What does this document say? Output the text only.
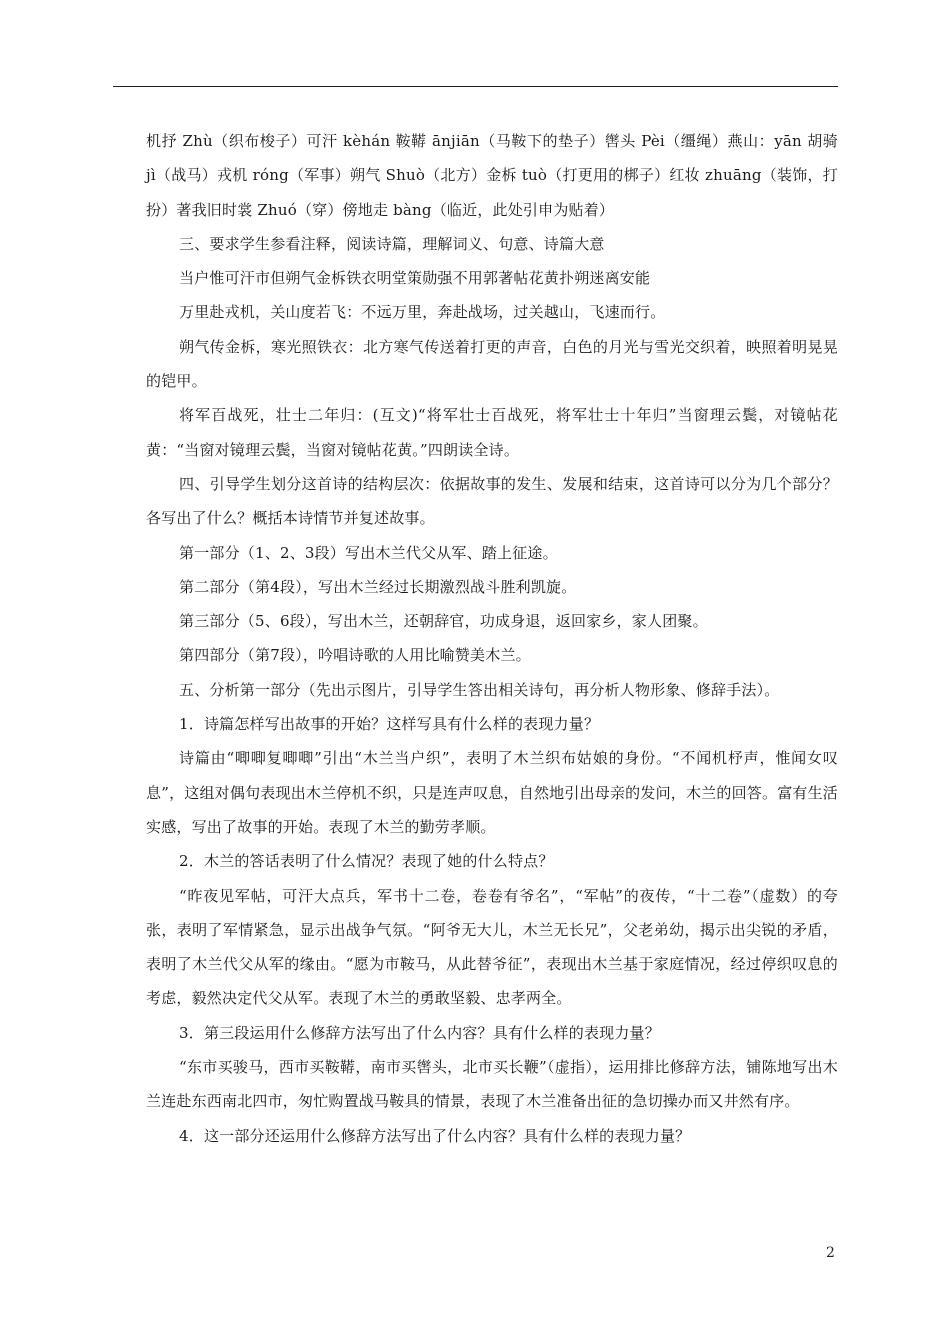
机抒 Zhù（织布梭子）可汗 kèhán 鞍鞯 ānjiān（马鞍下的垫子）辔头 Pèi（缰绳）燕山：yān 胡骑 jì（战马）戎机 róng（军事）朔气 Shuò（北方）金柝 tuò（打更用的梆子）红妆 zhuāng（装饰，打扮）著我旧时裳 Zhuó（穿）傍地走 bàng（临近，此处引申为贴着）

三、要求学生参看注释，阅读诗篇，理解词义、句意、诗篇大意

当户惟可汗市但朔气金柝铁衣明堂策勋强不用郭著帖花黄扑朔迷离安能

万里赴戎机，关山度若飞：不远万里，奔赴战场，过关越山，飞速而行。

朔气传金柝，寒光照铁衣：北方寒气传送着打更的声音，白色的月光与雪光交织着，映照着明晃晃的铠甲。

将军百战死，壮士二年归：(互文)“将军壮士百战死，将军壮士十年归”当窗理云鬓，对镜帖花黄：“当窗对镜理云鬓，当窗对镜帖花黄。”四朗读全诗。

四、引导学生划分这首诗的结构层次：依据故事的发生、发展和结束，这首诗可以分为几个部分？各写出了什么？概括本诗情节并复述故事。

第一部分（1、2、3段）写出木兰代父从军、踏上征途。

第二部分（第4段），写出木兰经过长期激烈战斗胜利凯旋。

第三部分（5、6段），写出木兰，还朝辞官，功成身退，返回家乡，家人团聚。

第四部分（第7段），吟唱诗歌的人用比喻赞美木兰。

五、分析第一部分（先出示图片，引导学生答出相关诗句，再分析人物形象、修辞手法）。

1．诗篇怎样写出故事的开始？这样写具有什么样的表现力量？

诗篇由“唧唧复唧唧”引出“木兰当户织”，表明了木兰织布姑娘的身份。“不闻机杼声，惟闻女叹息”，这组对偶句表现出木兰停机不织，只是连声叹息，自然地引出母亲的发问，木兰的回答。富有生活实感，写出了故事的开始。表现了木兰的勤劳孝顺。

2．木兰的答话表明了什么情况？表现了她的什么特点？

“昨夜见军帖，可汗大点兵，军书十二卷，卷卷有爷名”，“军帖”的夜传，“十二卷”（虚数）的夸张，表明了军情紧急，显示出战争气氛。“阿爷无大儿，木兰无长兄”，父老弟幼，揭示出尖锐的矛盾，表明了木兰代父从军的缘由。“愿为市鞍马，从此替爷征”，表现出木兰基于家庭情况，经过停织叹息的考虑，毅然决定代父从军。表现了木兰的勇敢坚毅、忠孝两全。

3．第三段运用什么修辞方法写出了什么内容？具有什么样的表现力量？

“东市买骏马，西市买鞍鞯，南市买辔头，北市买长鞭”（虚指），运用排比修辞方法，铺陈地写出木兰连赴东西南北四市，匆忙购置战马鞍具的情景，表现了木兰准备出征的急切操办而又井然有序。

4．这一部分还运用什么修辞方法写出了什么内容？具有什么样的表现力量？

2
